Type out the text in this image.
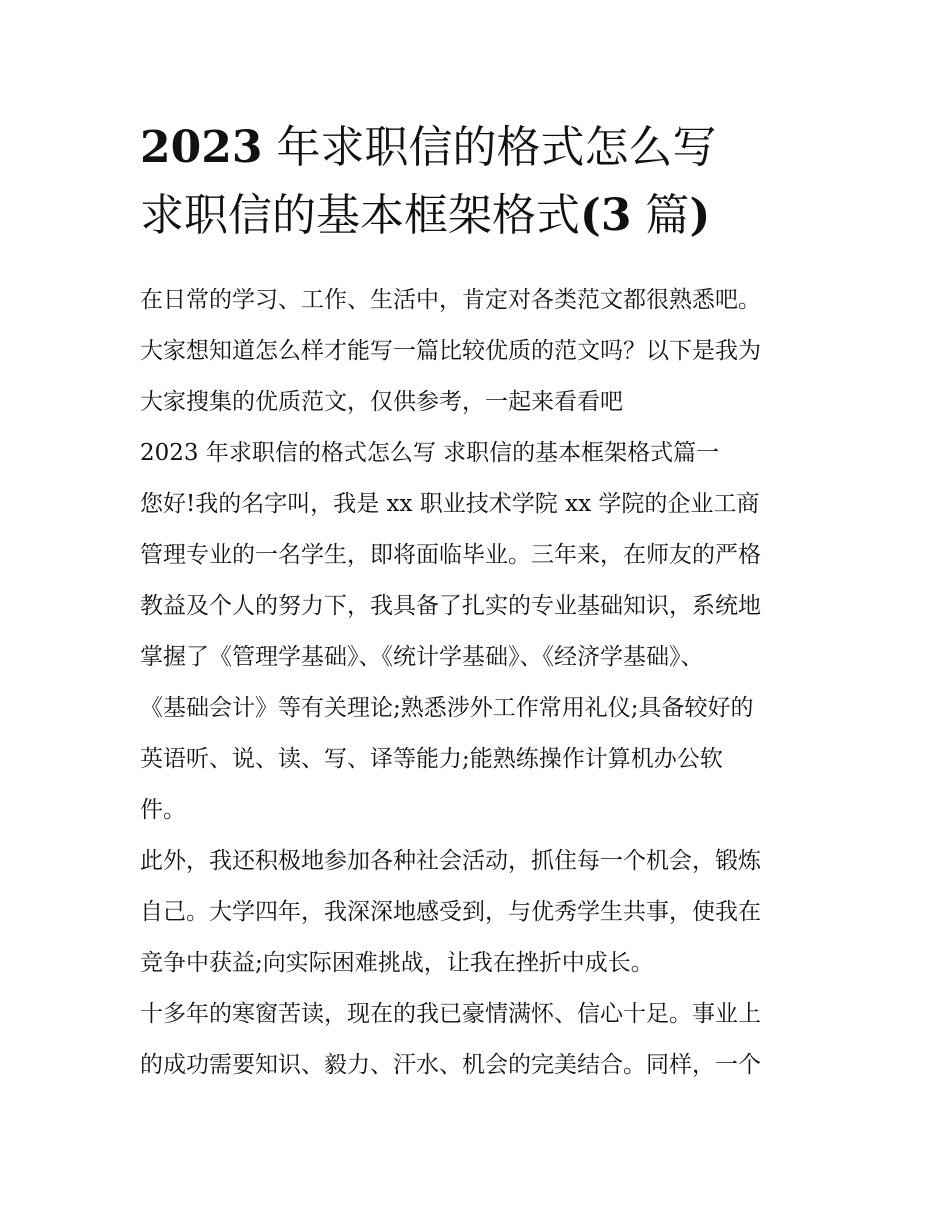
2023 年求职信的格式怎么写
求职信的基本框架格式(3 篇)
在日常的学习、工作、生活中，肯定对各类范文都很熟悉吧。
大家想知道怎么样才能写一篇比较优质的范文吗？以下是我为
大家搜集的优质范文，仅供参考，一起来看看吧
2023 年求职信的格式怎么写 求职信的基本框架格式篇一
您好!我的名字叫，我是 xx 职业技术学院 xx 学院的企业工商
管理专业的一名学生，即将面临毕业。三年来，在师友的严格
教益及个人的努力下，我具备了扎实的专业基础知识，系统地
掌握了《管理学基础》、《统计学基础》、《经济学基础》、
《基础会计》等有关理论;熟悉涉外工作常用礼仪;具备较好的
英语听、说、读、写、译等能力;能熟练操作计算机办公软
件。
此外，我还积极地参加各种社会活动，抓住每一个机会，锻炼
自己。大学四年，我深深地感受到，与优秀学生共事，使我在
竞争中获益;向实际困难挑战，让我在挫折中成长。
十多年的寒窗苦读，现在的我已豪情满怀、信心十足。事业上
的成功需要知识、毅力、汗水、机会的完美结合。同样，一个
